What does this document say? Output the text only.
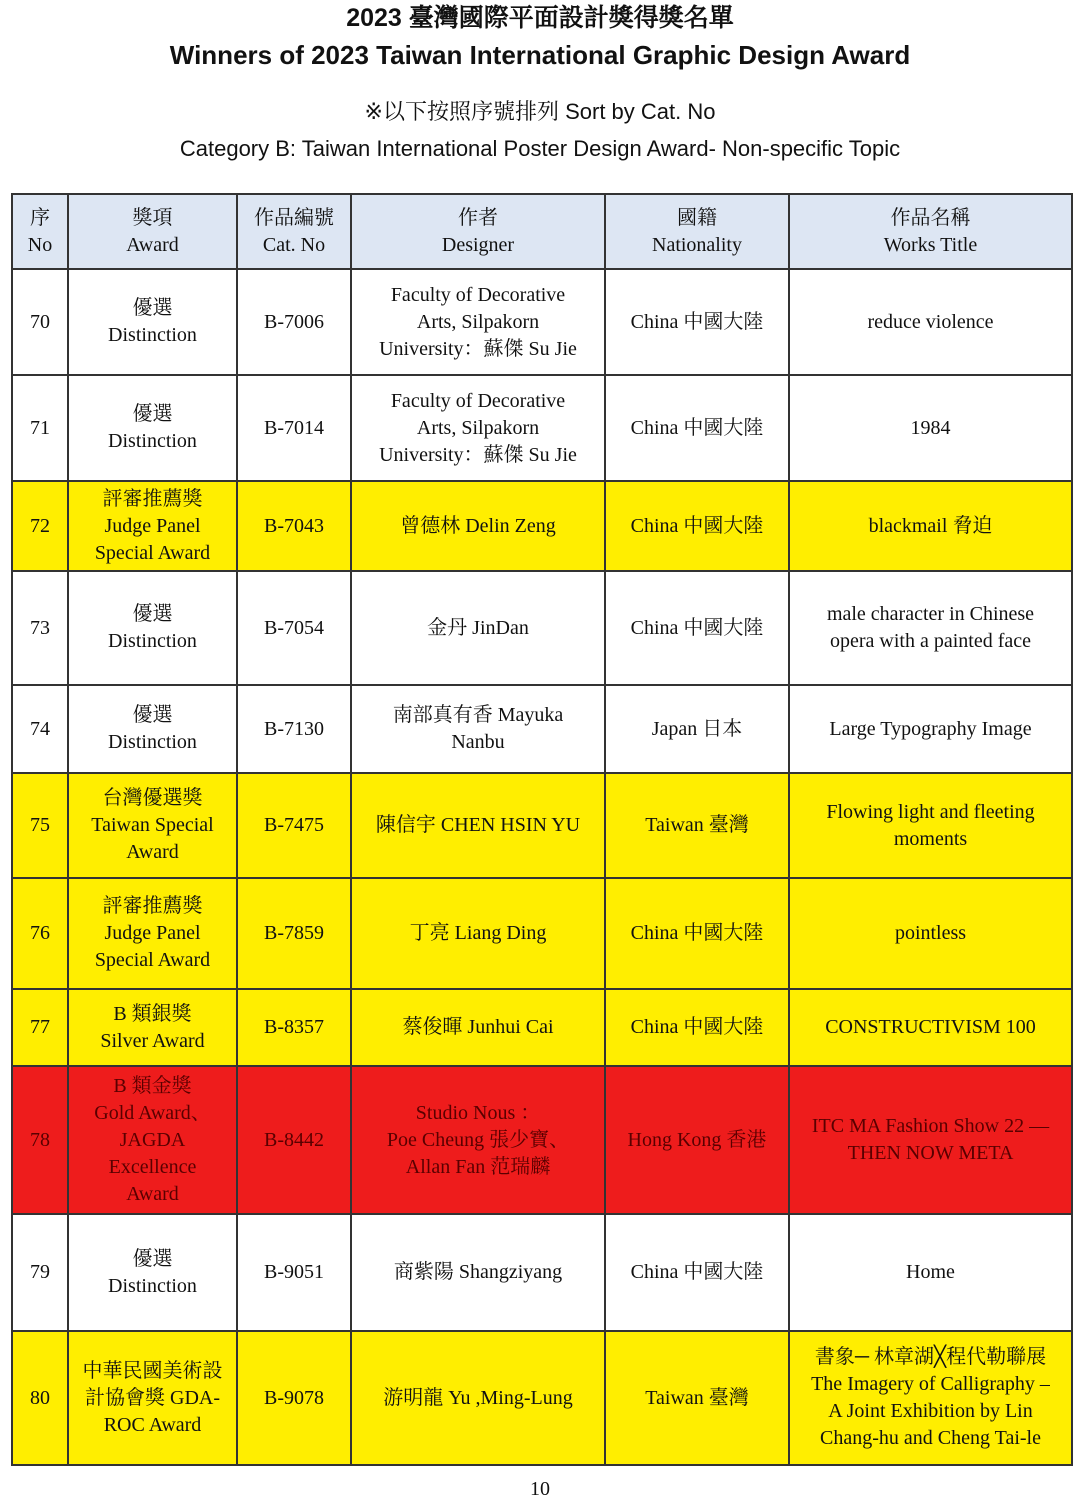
2023 臺灣國際平面設計獎得獎名單
Winners of 2023 Taiwan International Graphic Design Award
※以下按照序號排列 Sort by Cat. No
Category B: Taiwan International Poster Design Award- Non-specific Topic
序
No	獎項
Award	作品編號
Cat. No	作者
Designer	國籍
Nationality	作品名稱
Works Title

70	優選
Distinction	B-7006	Faculty of Decorative
Arts, Silpakorn
University：蘇傑 Su Jie	China 中國大陸	reduce violence

71	優選
Distinction	B-7014	Faculty of Decorative
Arts, Silpakorn
University：蘇傑 Su Jie	China 中國大陸	1984

72	評審推薦獎
Judge Panel
Special Award	B-7043	曾德林 Delin Zeng	China 中國大陸	blackmail 脅迫

73	優選
Distinction	B-7054	金丹 JinDan	China 中國大陸	male character in Chinese
opera with a painted face

74	優選
Distinction	B-7130	南部真有香 Mayuka
Nanbu	Japan 日本	Large Typography Image

75	台灣優選獎
Taiwan Special
Award	B-7475	陳信宇 CHEN HSIN YU	Taiwan 臺灣	Flowing light and fleeting
moments

76	評審推薦獎
Judge Panel
Special Award	B-7859	丁亮 Liang Ding	China 中國大陸	pointless

77	B 類銀獎
Silver Award	B-8357	蔡俊暉 Junhui Cai	China 中國大陸	CONSTRUCTIVISM 100

78	B 類金獎
Gold Award、
JAGDA
Excellence
Award	B-8442	Studio Nous ：
Poe Cheung 張少寶、
Allan Fan 范瑞麟	Hong Kong 香港	ITC MA Fashion Show 22 —
THEN NOW META

79	優選
Distinction	B-9051	商紫陽 Shangziyang	China 中國大陸	Home

80	中華民國美術設
計協會獎 GDA-
ROC Award	B-9078	游明龍 Yu ,Ming-Lung	Taiwan 臺灣	書象─ 林章湖╳程代勒聯展
The Imagery of Calligraphy –
A Joint Exhibition by Lin
Chang-hu and Cheng Tai-le
10
